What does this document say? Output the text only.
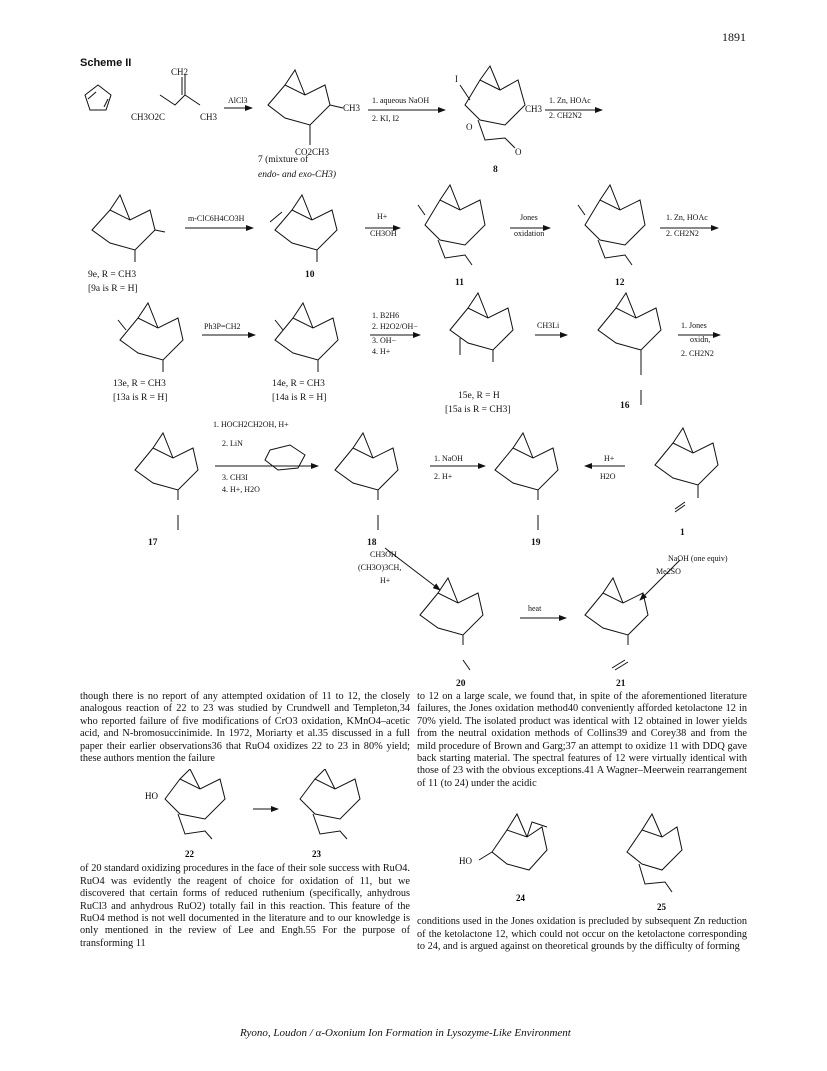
1891
Scheme II
CH2
CH3O2C	CH3
CH3
CO2CH3
I
CH3
O
O
AlCl3	1. aqueous NaOH
2. KI, I2
1. Zn, HOAc
2. CH2N2
m-ClC6H4CO3H	H+
CH3OH
Jones
oxidation
1. Zn, HOAc
2. CH2N2
Ph3P=CH2
1. B2H6
2. H2O2/OH−
3. OH−
4. H+
CH3Li	1. Jones
oxidn,
2. CH2N2
1. HOCH2CH2OH, H+
2. LiN
3. CH3I
4. H+, H2O
1. NaOH
2. H+
H+
H2O
CH3OH
(CH3O)3CH,
H+
NaOH (one equiv)
Me2SO
heat
7 (mixture of
endo- and exo-CH3)	8
9e, R = CH3
[9a is R = H]
10
11	12
13e, R = CH3
[13a is R = H]
14e, R = CH3
[14a is R = H]	15e, R = H
[15a is R = CH3]	16
17	18	19
1
20	21

though there is no report of any attempted oxidation of 11 to 12, the closely analogous reaction of 22 to 23 was studied by Crundwell and Templeton,34 who reported failure of five modifications of CrO3 oxidation, KMnO4–acetic acid, and N-bromosuccinimide. In 1972, Moriarty et al.35 discussed in a full paper their earlier observations36 that RuO4 oxidizes 22 to 23 in 80% yield; these authors mention the failure

HO
22	23

of 20 standard oxidizing procedures in the face of their sole success with RuO4. RuO4 was evidently the reagent of choice for oxidation of 11, but we discovered that certain forms of reduced ruthenium (specifically, anhydrous RuCl3 and anhydrous RuO2) totally fail in this reaction. This feature of the RuO4 method is not well documented in the literature and to our knowledge is only mentioned in the review of Lee and Engh.55 For the purpose of transforming 11

to 12 on a large scale, we found that, in spite of the aforementioned literature failures, the Jones oxidation method40 conveniently afforded ketolactone 12 in 70% yield. The isolated product was identical with 12 obtained in lower yields from the neutral oxidation methods of Collins39 and Corey38 and from the mild procedure of Brown and Garg;37 an attempt to oxidize 11 with DDQ gave back starting material. The spectral features of 12 were virtually identical with those of 23 with the obvious exceptions.41 A Wagner–Meerwein rearrangement of 11 (to 24) under the acidic

HO
24
25

conditions used in the Jones oxidation is precluded by subsequent Zn reduction of the ketolactone 12, which could not occur on the ketolactone corresponding to 24, and is argued against on theoretical grounds by the difficulty of forming

Ryono, Loudon / α-Oxonium Ion Formation in Lysozyme-Like Environment
